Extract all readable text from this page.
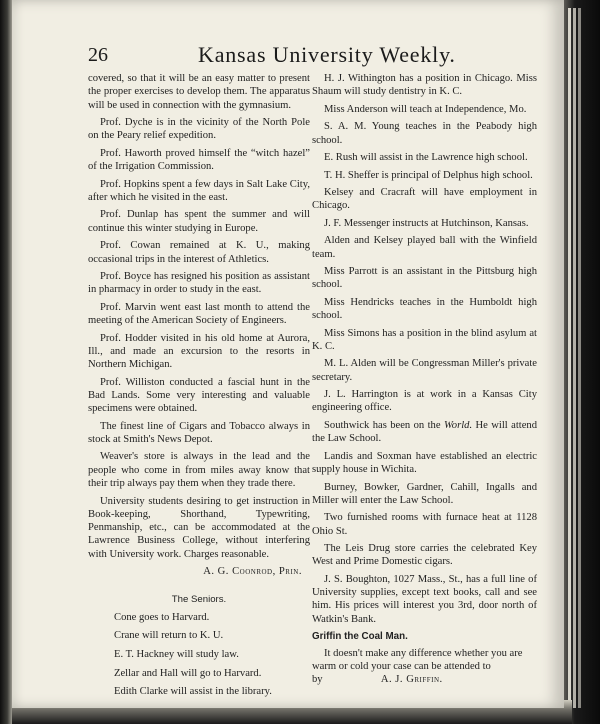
26	Kansas University Weekly.

covered, so that it will be an easy matter to present the proper exercises to develop them. The apparatus will be used in connection with the gymnasium.

Prof. Dyche is in the vicinity of the North Pole on the Peary relief expedition.

Prof. Haworth proved himself the “witch hazel” of the Irrigation Commission.

Prof. Hopkins spent a few days in Salt Lake City, after which he visited in the east.

Prof. Dunlap has spent the summer and will continue this winter studying in Europe.

Prof. Cowan remained at K. U., making occasional trips in the interest of Athletics.

Prof. Boyce has resigned his position as assistant in pharmacy in order to study in the east.

Prof. Marvin went east last month to attend the meeting of the American Society of Engineers.

Prof. Hodder visited in his old home at Aurora, Ill., and made an excursion to the resorts in Northern Michigan.

Prof. Williston conducted a fascial hunt in the Bad Lands. Some very interesting and valuable specimens were obtained.

The finest line of Cigars and Tobacco always in stock at Smith's News Depot.

Weaver's store is always in the lead and the people who come in from miles away know that their trip always pay them when they trade there.

University students desiring to get instruction in Book-keeping, Shorthand, Typewriting, Penmanship, etc., can be accommodated at the Lawrence Business College, without interfering with University work. Charges reasonable.

A. G. Coonrod, Prin.
The Seniors.
Cone goes to Harvard.
Crane will return to K. U.
E. T. Hackney will study law.
Zellar and Hall will go to Harvard.
Edith Clarke will assist in the library.

H. J. Withington has a position in Chicago. Miss Shaum will study dentistry in K. C.

Miss Anderson will teach at Independence, Mo.

S. A. M. Young teaches in the Peabody high school.

E. Rush will assist in the Lawrence high school.

T. H. Sheffer is principal of Delphus high school.

Kelsey and Cracraft will have employment in Chicago.

J. F. Messenger instructs at Hutchinson, Kansas.

Alden and Kelsey played ball with the Winfield team.

Miss Parrott is an assistant in the Pittsburg high school.

Miss Hendricks teaches in the Humboldt high school.

Miss Simons has a position in the blind asylum at K. C.

M. L. Alden will be Congressman Miller's private secretary.

J. L. Harrington is at work in a Kansas City engineering office.

Southwick has been on the World. He will attend the Law School.

Landis and Soxman have established an electric supply house in Wichita.

Burney, Bowker, Gardner, Cahill, Ingalls and Miller will enter the Law School.

Two furnished rooms with furnace heat at 1128 Ohio St.

The Leis Drug store carries the celebrated Key West and Prime Domestic cigars.

J. S. Boughton, 1027 Mass., St., has a full line of University supplies, except text books, call and see him. His prices will interest you 3rd, door north of Watkin's Bank.

Griffin the Coal Man.

It doesn't make any difference whether you are warm or cold your case can be attended to by	A. J. Griffin.
